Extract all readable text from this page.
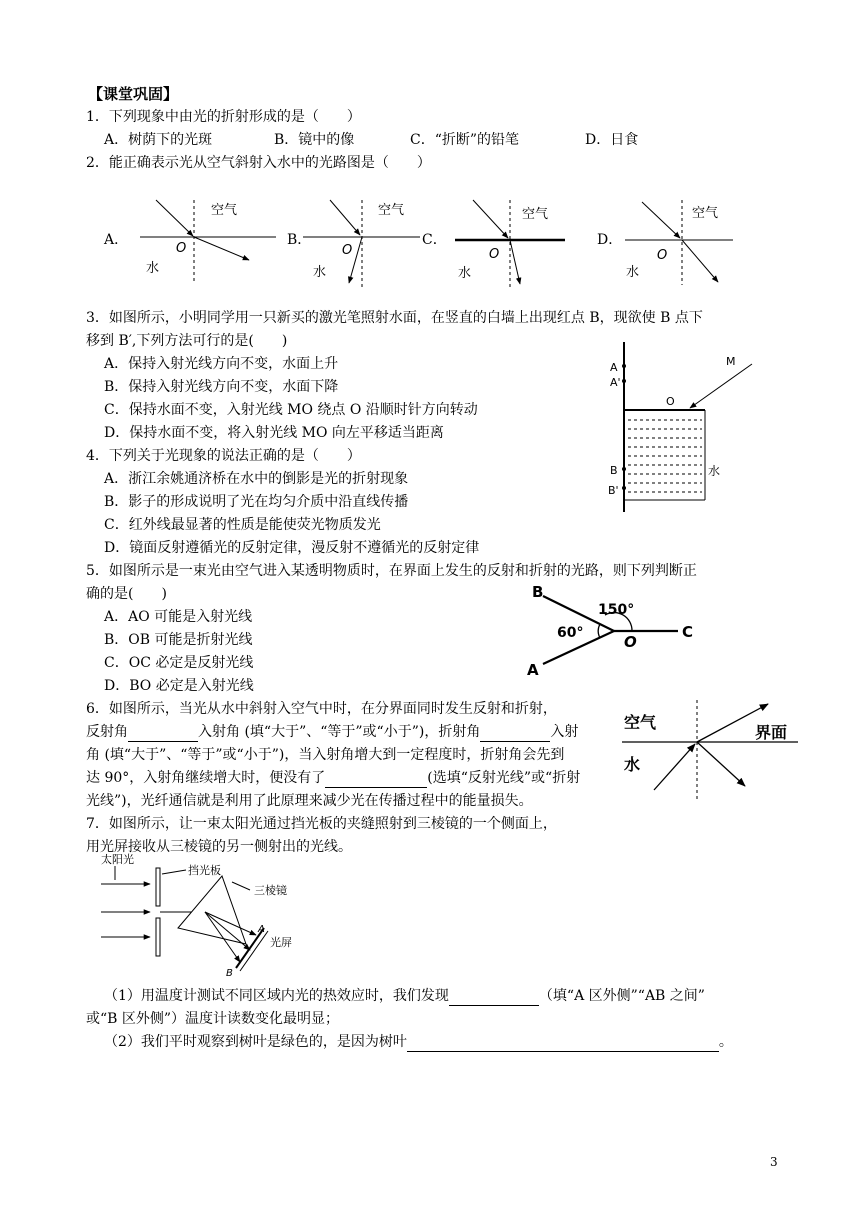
【课堂巩固】
1．下列现象中由光的折射形成的是（　　）
A．树荫下的光斑	B．镜中的像	C．“折断”的铅笔	D．日食
2．能正确表示光从空气斜射入水中的光路图是（　　）
A．	B．	C．	D．
空气
O
水
空气
O
水
空气
O
水
空气
O
水
3．如图所示，小明同学用一只新买的激光笔照射水面，在竖直的白墙上出现红点 B，现欲使 B 点下
移到 B′,下列方法可行的是(　　)
A．保持入射光线方向不变，水面上升
B．保持入射光线方向不变，水面下降
C．保持水面不变，入射光线 MO 绕点 O 沿顺时针方向转动
D．保持水面不变，将入射光线 MO 向左平移适当距离
A
A'
M
O
B
B'
水
4．下列关于光现象的说法正确的是（　　）
A．浙江余姚通济桥在水中的倒影是光的折射现象
B．影子的形成说明了光在均匀介质中沿直线传播
C．红外线最显著的性质是能使荧光物质发光
D．镜面反射遵循光的反射定律，漫反射不遵循光的反射定律
5．如图所示是一束光由空气进入某透明物质时，在界面上发生的反射和折射的光路，则下列判断正
确的是(　　)
A．AO 可能是入射光线
B．OB 可能是折射光线
C．OC 必定是反射光线
D．BO 必定是入射光线
B
A
C
O
150°
60°
6．如图所示，当光从水中斜射入空气中时，在分界面同时发生反射和折射，
反射角	入射角 (填“大于”、“等于”或“小于”)，折射角	入射
角 (填“大于”、“等于”或“小于”)，当入射角增大到一定程度时，折射角会先到
达 90°，入射角继续增大时，便没有了	(选填“反射光线”或“折射
光线”)，光纤通信就是利用了此原理来减少光在传播过程中的能量损失。
空气
水
界面
7．如图所示，让一束太阳光通过挡光板的夹缝照射到三棱镜的一个侧面上，
用光屏接收从三棱镜的另一侧射出的光线。
太阳光
挡光板
三棱镜
光屏
A
B
（1）用温度计测试不同区域内光的热效应时，我们发现	（填“A 区外侧”“AB 之间”
或“B 区外侧”）温度计读数变化最明显；
（2）我们平时观察到树叶是绿色的，是因为树叶	。
3
